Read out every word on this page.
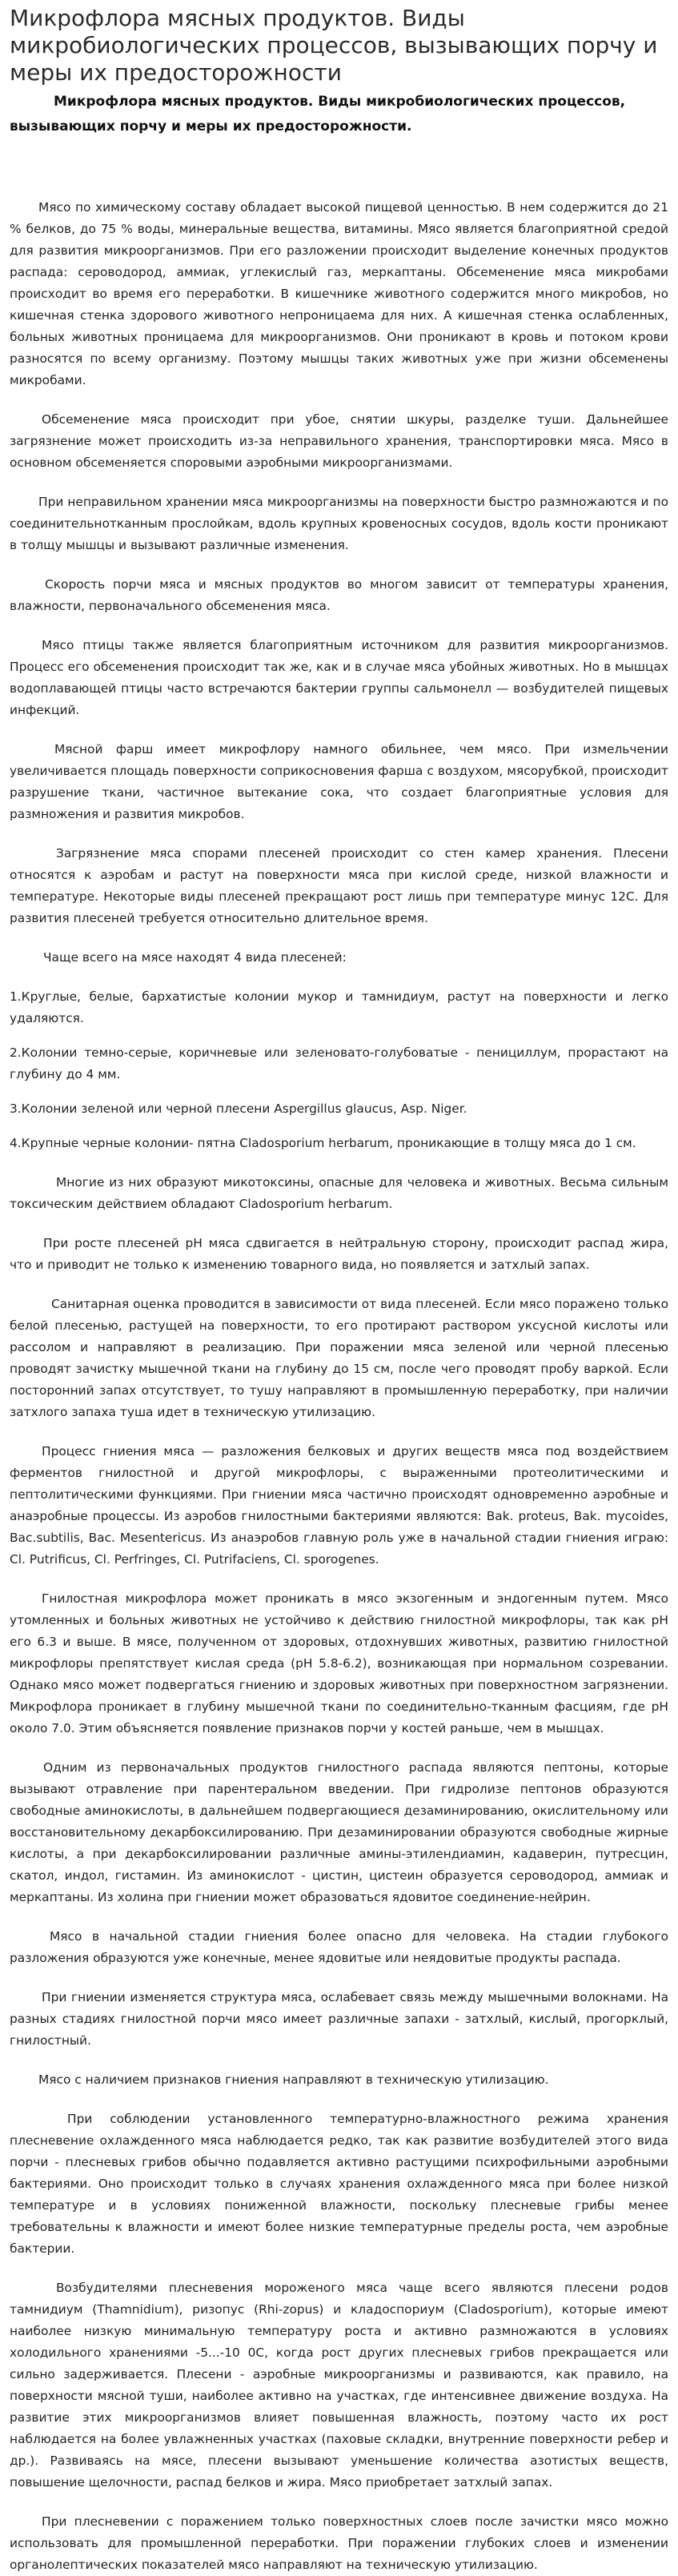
Микрофлора мясных продуктов. Виды микробиологических процессов, вызывающих порчу и меры их предосторожности

Микрофлора мясных продуктов. Виды микробиологических процессов, вызывающих порчу и меры их предосторожности.

Мясо по химическому составу обладает высокой пищевой ценностью. В нем содержится до 21 % белков, до 75 % воды, минеральные вещества, витамины. Мясо является благоприятной средой для развития микроорганизмов. При его разложении происходит выделение конечных продуктов распада: сероводород, аммиак, углекислый газ, меркаптаны. Обсеменение мяса микробами происходит во время его переработки. В кишечнике животного содержится много микробов, но кишечная стенка здорового животного непроницаема для них. А кишечная стенка ослабленных, больных животных проницаема для микроорганизмов. Они проникают в кровь и потоком крови разносятся по всему организму. Поэтому мышцы таких животных уже при жизни обсеменены микробами.

Обсеменение мяса происходит при убое, снятии шкуры, разделке туши. Дальнейшее загрязнение может происходить из-за неправильного хранения, транспортировки мяса. Мясо в основном обсеменяется споровыми аэробными микроорганизмами.

При неправильном хранении мяса микроорганизмы на поверхности быстро размножаются и по соединительнотканным прослойкам, вдоль крупных кровеносных сосудов, вдоль кости проникают в толщу мышцы и вызывают различные изменения.

Скорость порчи мяса и мясных продуктов во многом зависит от температуры хранения, влажности, первоначального обсеменения мяса.

Мясо птицы также является благоприятным источником для развития микроорганизмов. Процесс его обсеменения происходит так же, как и в случае мяса убойных животных. Но в мышцах водоплавающей птицы часто встречаются бактерии группы сальмонелл — возбудителей пищевых инфекций.

Мясной фарш имеет микрофлору намного обильнее, чем мясо. При измельчении увеличивается площадь поверхности соприкосновения фарша с воздухом, мясорубкой, происходит разрушение ткани, частичное вытекание сока, что создает благоприятные условия для размножения и развития микробов.

Загрязнение мяса спорами плесеней происходит со стен камер хранения. Плесени относятся к аэробам и растут на поверхности мяса при кислой среде, низкой влажности и температуре. Некоторые виды плесеней прекращают рост лишь при температуре минус 12С. Для развития плесеней требуется относительно длительное время.

Чаще всего на мясе находят 4 вида плесеней:

1.Круглые, белые, бархатистые колонии мукор и тамнидиум, растут на поверхности и легко удаляются.

2.Колонии темно-серые, коричневые или зеленовато-голубоватые - пенициллум, прорастают на глубину до 4 мм.

3.Колонии зеленой или черной плесени Aspergillus glaucus, Asp. Niger.

4.Крупные черные колонии- пятна Cladosporium herbarum, проникающие в толщу мяса до 1 см.

Многие из них образуют микотоксины, опасные для человека и животных. Весьма сильным токсическим действием обладают Cladosporium herbarum.

При росте плесеней рН мяса сдвигается в нейтральную сторону, происходит распад жира, что и приводит не только к изменению товарного вида, но появляется и затхлый запах.

Санитарная оценка проводится в зависимости от вида плесеней. Если мясо поражено только белой плесенью, растущей на поверхности, то его протирают раствором уксусной кислоты или рассолом и направляют в реализацию. При поражении мяса зеленой или черной плесенью проводят зачистку мышечной ткани на глубину до 15 см, после чего проводят пробу варкой. Если посторонний запах отсутствует, то тушу направляют в промышленную переработку, при наличии затхлого запаха туша идет в техническую утилизацию.

Процесс гниения мяса — разложения белковых и других веществ мяса под воздействием ферментов гнилостной и другой микрофлоры, с выраженными протеолитическими и пептолитическими функциями. При гниении мяса частично происходят одновременно аэробные и анаэробные процессы. Из аэробов гнилостными бактериями являются: Bak. proteus, Bak. mycoides, Bac.subtilis, Bac. Mesentericus. Из анаэробов главную роль уже в начальной стадии гниения играю: Cl. Putrificus, Cl. Perfringes, Cl. Putrifaciens, Cl. sporogenes.

Гнилостная микрофлора может проникать в мясо экзогенным и эндогенным путем. Мясо утомленных и больных животных не устойчиво к действию гнилостной микрофлоры, так как рН его 6.3 и выше. В мясе, полученном от здоровых, отдохнувших животных, развитию гнилостной микрофлоры препятствует кислая среда (рН 5.8-6.2), возникающая при нормальном созревании. Однако мясо может подвергаться гниению и здоровых животных при поверхностном загрязнении. Микрофлора проникает в глубину мышечной ткани по соединительно-тканным фасциям, где рН около 7.0. Этим объясняется появление признаков порчи у костей раньше, чем в мышцах.

Одним из первоначальных продуктов гнилостного распада являются пептоны, которые вызывают отравление при парентеральном введении. При гидролизе пептонов образуются свободные аминокислоты, в дальнейшем подвергающиеся дезаминированию, окислительному или восстановительному декарбоксилированию. При дезаминировании образуются свободные жирные кислоты, а при декарбоксилировании различные амины-этилендиамин, кадаверин, путресцин, скатол, индол, гистамин. Из аминокислот - цистин, цистеин образуется сероводород, аммиак и меркаптаны. Из холина при гниении может образоваться ядовитое соединение-нейрин.

Мясо в начальной стадии гниения более опасно для человека. На стадии глубокого разложения образуются уже конечные, менее ядовитые или неядовитые продукты распада.

При гниении изменяется структура мяса, ослабевает связь между мышечными волокнами. На разных стадиях гнилостной порчи мясо имеет различные запахи - затхлый, кислый, прогорклый, гнилостный.

Мясо с наличием признаков гниения направляют в техническую утилизацию.

При соблюдении установленного температурно-влажностного режима хранения плесневение охлажденного мяса наблюдается редко, так как развитие возбудителей этого вида порчи - плесневых грибов обычно подавляется активно растущими психрофильными аэробными бактериями. Оно происходит только в случаях хранения охлажденного мяса при более низкой температуре и в условиях пониженной влажности, поскольку плесневые грибы менее требовательны к влажности и имеют более низкие температурные пределы роста, чем аэробные бактерии.

Возбудителями плесневения мороженого мяса чаще всего являются плесени родов тамнидиум (Thamnidium), ризопус (Rhi-zopus) и кладоспориум (Cladosporium), которые имеют наиболее низкую минимальную температуру роста и активно размножаются в условиях холодильного хранениями -5...-10 0С, когда рост других плесневых грибов прекращается или сильно задерживается. Плесени - аэробные микроорганизмы и развиваются, как правило, на поверхности мясной туши, наиболее активно на участках, где интенсивнее движение воздуха. На развитие этих микроорганизмов влияет повышенная влажность, поэтому часто их рост наблюдается на более увлажненных участках (паховые складки, внутренние поверхности ребер и др.). Развиваясь на мясе, плесени вызывают уменьшение количества азотистых веществ, повышение щелочности, распад белков и жира. Мясо приобретает затхлый запах.

При плесневении с поражением только поверхностных слоев после зачистки мясо можно использовать для промышленной переработки. При поражении глубоких слоев и изменении органолептических показателей мясо направляют на техническую утилизацию.
